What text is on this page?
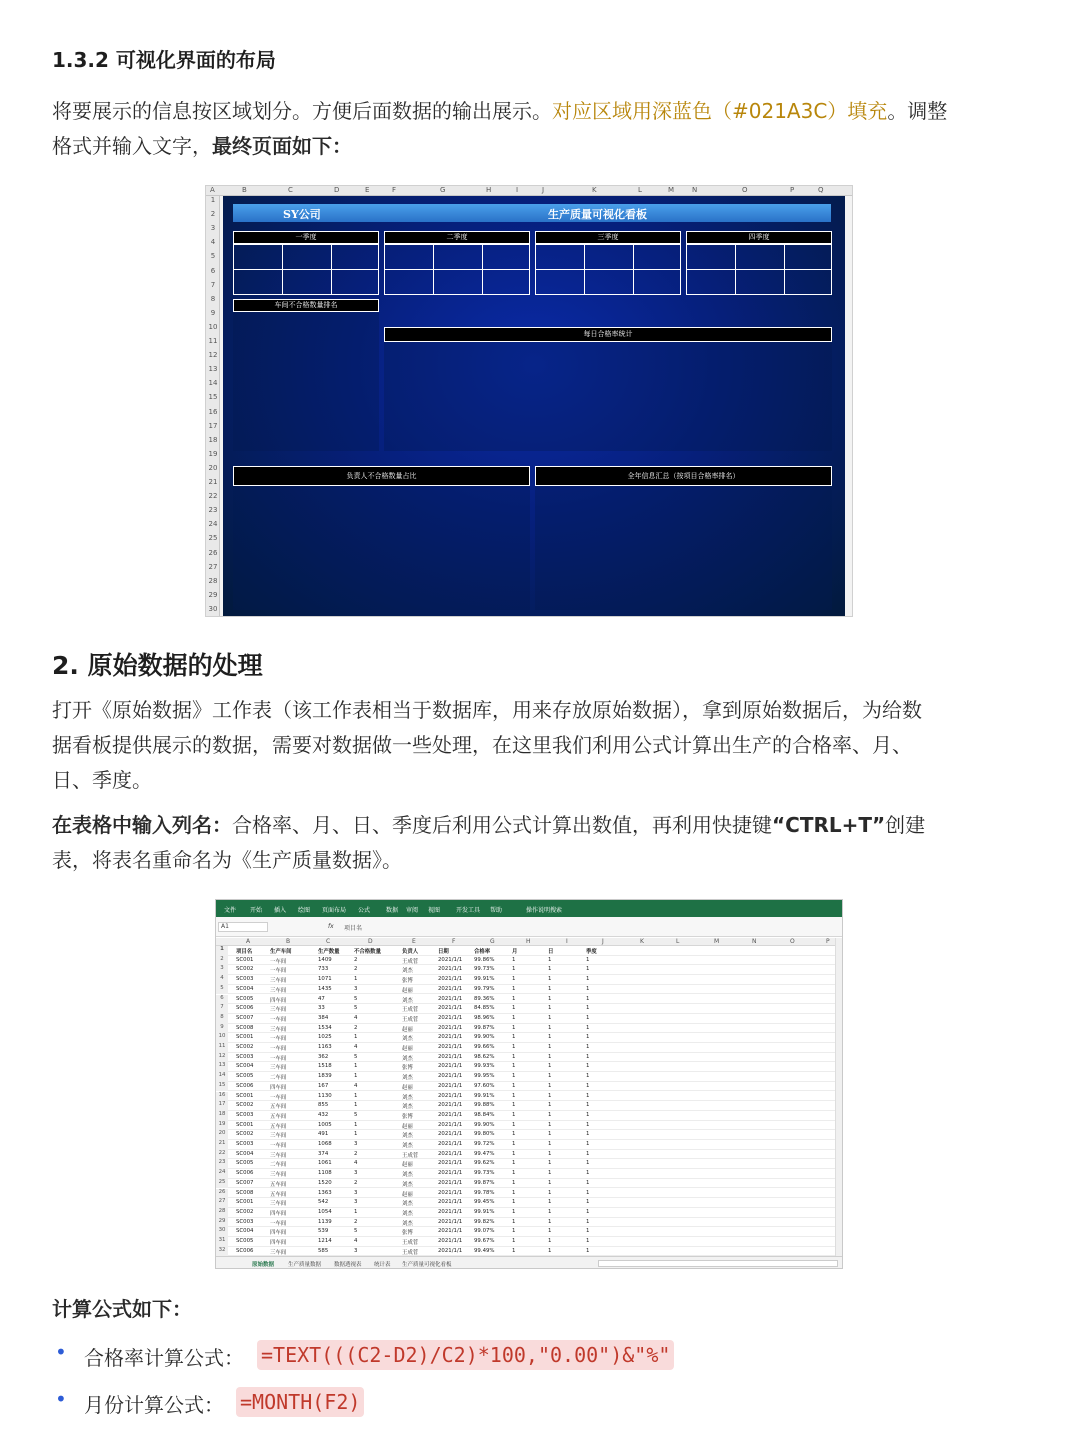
1.3.2 可视化界面的布局
将要展示的信息按区域划分。方便后面数据的输出展示。对应区域用深蓝色（#021A3C）填充。调整
格式并输入文字，最终页面如下：
A	B	C	D	E	F	G	H	I	J	K	L	M	N	O	P	Q
1
2
3
4
5
6
7
8
9
10
11
12
13
14
15
16
17
18
19
20
21
22
23
24
25
26
27
28
29
30
SY公司	生产质量可视化看板
一季度	二季度	三季度	四季度
车间不合格数量排名
每日合格率统计
负责人不合格数量占比	全年信息汇总（按项目合格率排名）
2. 原始数据的处理
打开《原始数据》工作表（该工作表相当于数据库，用来存放原始数据），拿到原始数据后，为给数
据看板提供展示的数据，需要对数据做一些处理，在这里我们利用公式计算出生产的合格率、月、
日、季度。
在表格中输入列名：合格率、月、日、季度后利用公式计算出数值，再利用快捷键“CTRL+T”创建
表，将表名重命名为《生产质量数据》。
文件 开始 插入 绘图 页面布局 公式	数据 审阅 视图	开发工具 帮助	操作说明搜索
A1	fx 项目名
A	B	C	D	E	F	G	H	I	J	K	L	M	N	O	P
1	项目名	生产车间	生产数量	不合格数量	负责人	日期	合格率	月	日	季度
2	SC001	一车间	1409	2	王成菅	2021/1/1 99.86%	1	1	1
3	SC002	一车间	733	2	刘杰	2021/1/1 99.73%	1	1	1
4	SC003	三车间	1071	1	张博	2021/1/1 99.91%	1	1	1
5	SC004	三车间	1435	3	赵丽	2021/1/1 99.79%	1	1	1
6	SC005	四车间	47	5	刘杰	2021/1/1 89.36%	1	1	1
7	SC006	三车间	33	5	王成菅	2021/1/1 84.85%	1	1	1
8	SC007	一车间	384	4	王成菅	2021/1/1 98.96%	1	1	1
9	SC008	三车间	1534	2	赵丽	2021/1/1 99.87%	1	1	1
10	SC001	一车间	1025	1	刘杰	2021/1/1 99.90%	1	1	1
11	SC002	一车间	1163	4	赵丽	2021/1/1 99.66%	1	1	1
12	SC003	一车间	362	5	刘杰	2021/1/1 98.62%	1	1	1
13	SC004	三车间	1518	1	张博	2021/1/1 99.93%	1	1	1
14	SC005	二车间	1839	1	刘杰	2021/1/1 99.95%	1	1	1
15	SC006	四车间	167	4	赵丽	2021/1/1 97.60%	1	1	1
16	SC001	一车间	1130	1	刘杰	2021/1/1 99.91%	1	1	1
17	SC002	五车间	855	1	刘杰	2021/1/1 99.88%	1	1	1
18	SC003	五车间	432	5	张博	2021/1/1 98.84%	1	1	1
19	SC001	五车间	1005	1	赵丽	2021/1/1 99.90%	1	1	1
20	SC002	三车间	491	1	刘杰	2021/1/1 99.80%	1	1	1
21	SC003	一车间	1068	3	刘杰	2021/1/1 99.72%	1	1	1
22	SC004	三车间	374	2	王成菅	2021/1/1 99.47%	1	1	1
23	SC005	二车间	1061	4	赵丽	2021/1/1 99.62%	1	1	1
24	SC006	三车间	1108	3	刘杰	2021/1/1 99.73%	1	1	1
25	SC007	五车间	1520	2	刘杰	2021/1/1 99.87%	1	1	1
26	SC008	五车间	1363	3	赵丽	2021/1/1 99.78%	1	1	1
27	SC001	三车间	542	3	刘杰	2021/1/1 99.45%	1	1	1
28	SC002	四车间	1054	1	刘杰	2021/1/1 99.91%	1	1	1
29	SC003	一车间	1139	2	刘杰	2021/1/1 99.82%	1	1	1
30	SC004	四车间	539	5	张博	2021/1/1 99.07%	1	1	1
31	SC005	四车间	1214	4	王成菅	2021/1/1 99.67%	1	1	1
32	SC006	三车间	585	3	王成菅	2021/1/1 99.49%	1	1	1
原始数据	生产质量数据 数据透视表 统计表 生产质量可视化看板
计算公式如下：
• 合格率计算公式： =TEXT(((C2-D2)/C2)*100,"0.00")&"%"
• 月份计算公式： =MONTH(F2)
